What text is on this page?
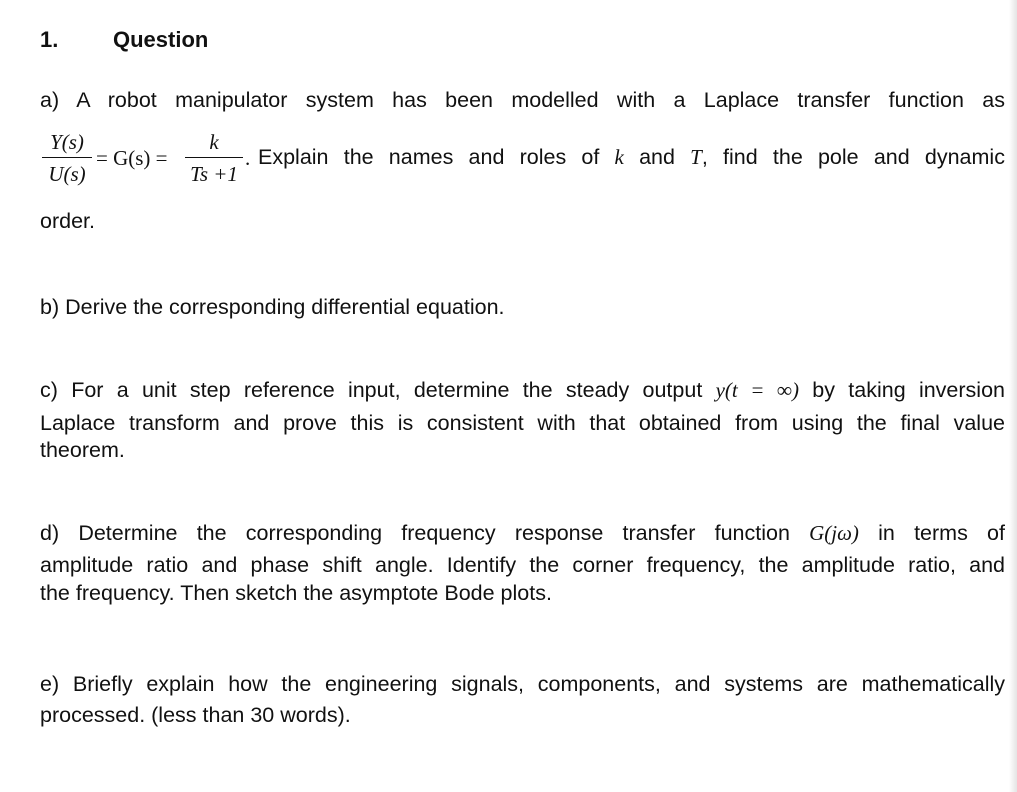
1. Question
a) A robot manipulator system has been modelled with a Laplace transfer function as
Y(s)
U(s)
= G(s) =
k
Ts +1
. Explain the names and roles of k and T, find the pole and dynamic
order.
b) Derive the corresponding differential equation.
c) For a unit step reference input, determine the steady output y(t = ∞) by taking inversion
Laplace transform and prove this is consistent with that obtained from using the final value
theorem.
d) Determine the corresponding frequency response transfer function G(jω) in terms of
amplitude ratio and phase shift angle. Identify the corner frequency, the amplitude ratio, and
the frequency. Then sketch the asymptote Bode plots.
e) Briefly explain how the engineering signals, components, and systems are mathematically
processed. (less than 30 words).
